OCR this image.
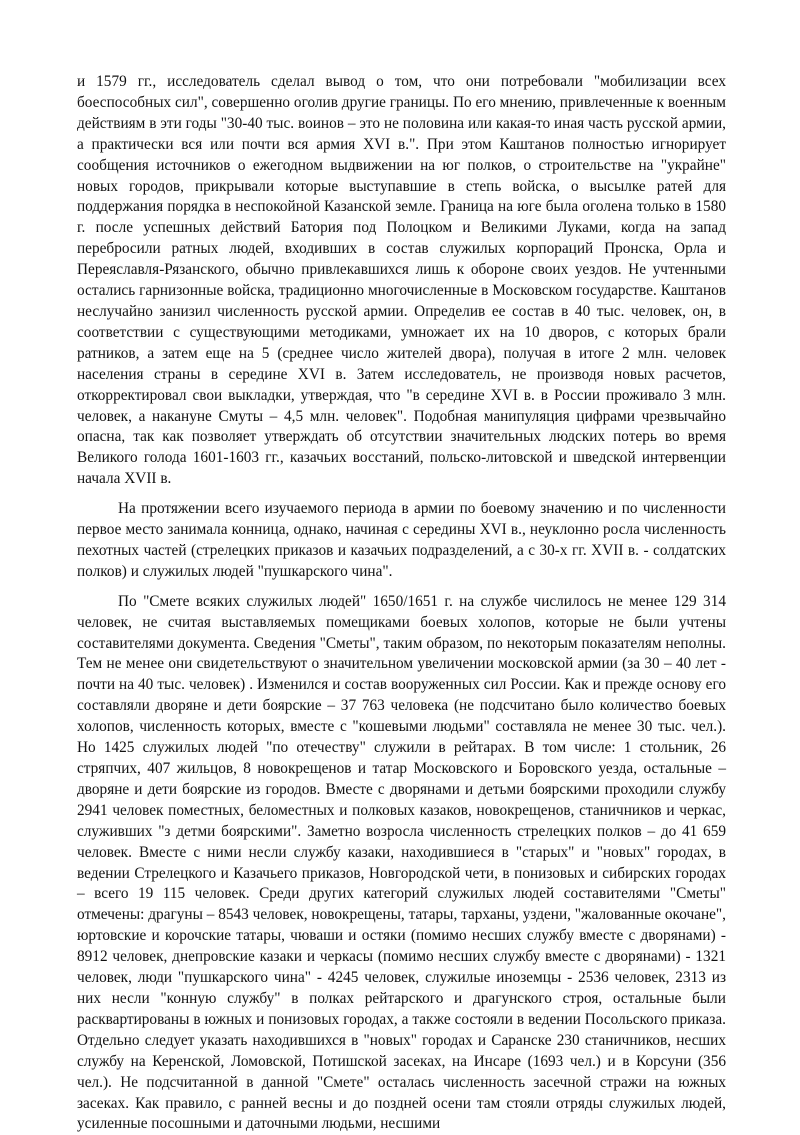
и 1579 гг., исследователь сделал вывод о том, что они потребовали "мобилизации всех боеспособных сил", совершенно оголив другие границы. По его мнению, привлеченные к военным действиям в эти годы "30-40 тыс. воинов – это не половина или какая-то иная часть русской армии, а практически вся или почти вся армия XVI в.". При этом Каштанов полностью игнорирует сообщения источников о ежегодном выдвижении на юг полков, о строительстве на "украйне" новых городов, прикрывали которые выступавшие в степь войска, о высылке ратей для поддержания порядка в неспокойной Казанской земле. Граница на юге была оголена только в 1580 г. после успешных действий Батория под Полоцком и Великими Луками, когда на запад перебросили ратных людей, входивших в состав служилых корпораций Пронска, Орла и Переяславля-Рязанского, обычно привлекавшихся лишь к обороне своих уездов. Не учтенными остались гарнизонные войска, традиционно многочисленные в Московском государстве. Каштанов неслучайно занизил численность русской армии. Определив ее состав в 40 тыс. человек, он, в соответствии с существующими методиками, умножает их на 10 дворов, с которых брали ратников, а затем еще на 5 (среднее число жителей двора), получая в итоге 2 млн. человек населения страны в середине XVI в. Затем исследователь, не производя новых расчетов, откорректировал свои выкладки, утверждая, что "в середине XVI в. в России проживало 3 млн. человек, а накануне Смуты – 4,5 млн. человек". Подобная манипуляция цифрами чрезвычайно опасна, так как позволяет утверждать об отсутствии значительных людских потерь во время Великого голода 1601-1603 гг., казачьих восстаний, польско-литовской и шведской интервенции начала XVII в.

На протяжении всего изучаемого периода в армии по боевому значению и по численности первое место занимала конница, однако, начиная с середины XVI в., неуклонно росла численность пехотных частей (стрелецких приказов и казачьих подразделений, а с 30-х гг. XVII в. - солдатских полков) и служилых людей "пушкарского чина".

По "Смете всяких служилых людей" 1650/1651 г. на службе числилось не менее 129 314 человек, не считая выставляемых помещиками боевых холопов, которые не были учтены составителями документа. Сведения "Сметы", таким образом, по некоторым показателям неполны. Тем не менее они свидетельствуют о значительном увеличении московской армии (за 30 – 40 лет - почти на 40 тыс. человек) . Изменился и состав вооруженных сил России. Как и прежде основу его составляли дворяне и дети боярские – 37 763 человека (не подсчитано было количество боевых холопов, численность которых, вместе с "кошевыми людьми" составляла не менее 30 тыс. чел.). Но 1425 служилых людей "по отечеству" служили в рейтарах. В том числе: 1 стольник, 26 стряпчих, 407 жильцов, 8 новокрещенов и татар Московского и Боровского уезда, остальные – дворяне и дети боярские из городов. Вместе с дворянами и детьми боярскими проходили службу 2941 человек поместных, беломестных и полковых казаков, новокрещенов, станичников и черкас, служивших "з детми боярскими". Заметно возросла численность стрелецких полков – до 41 659 человек. Вместе с ними несли службу казаки, находившиеся в "старых" и "новых" городах, в ведении Стрелецкого и Казачьего приказов, Новгородской чети, в понизовых и сибирских городах – всего 19 115 человек. Среди других категорий служилых людей составителями "Сметы" отмечены: драгуны – 8543 человек, новокрещены, татары, тарханы, уздени, "жалованные окочане", юртовские и корочские татары, чюваши и остяки (помимо несших службу вместе с дворянами) - 8912 человек, днепровские казаки и черкасы (помимо несших службу вместе с дворянами) - 1321 человек, люди "пушкарского чина" - 4245 человек, служилые иноземцы - 2536 человек, 2313 из них несли "конную службу" в полках рейтарского и драгунского строя, остальные были расквартированы в южных и понизовых городах, а также состояли в ведении Посольского приказа. Отдельно следует указать находившихся в "новых" городах и Саранске 230 станичников, несших службу на Керенской, Ломовской, Потишской засеках, на Инсаре (1693 чел.) и в Корсуни (356 чел.). Не подсчитанной в данной "Смете" осталась численность засечной стражи на южных засеках. Как правило, с ранней весны и до поздней осени там стояли отряды служилых людей, усиленные посошными и даточными людьми, несшими
